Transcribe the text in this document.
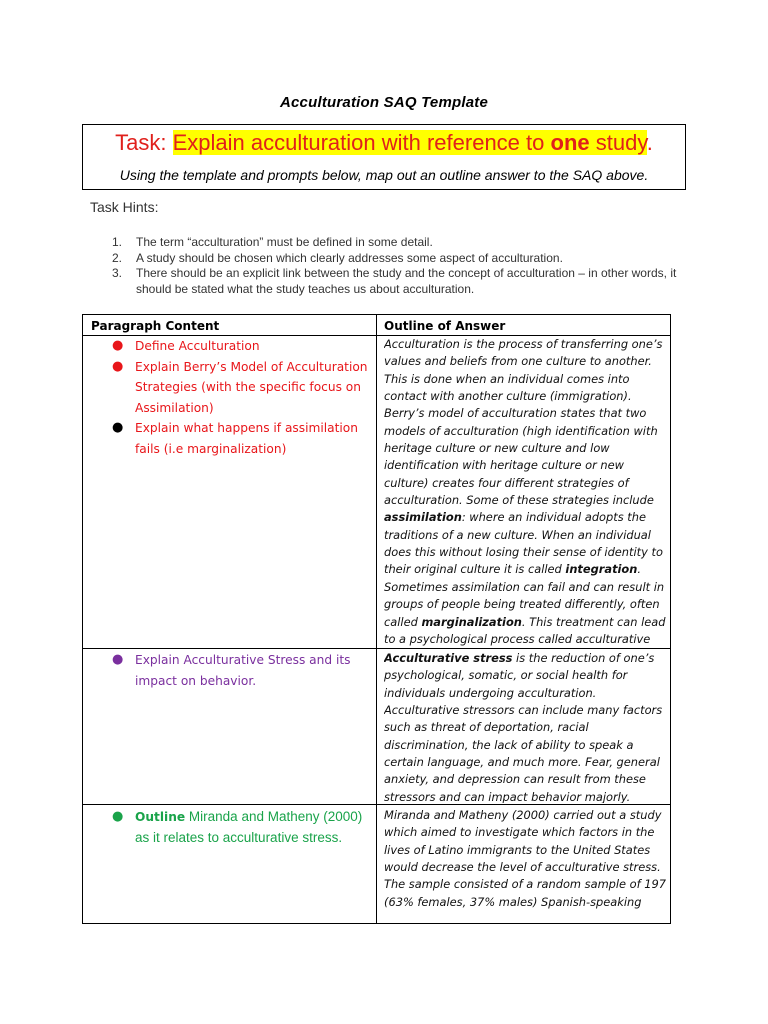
Acculturation SAQ Template
Task: Explain acculturation with reference to one study.
Using the template and prompts below, map out an outline answer to the SAQ above.
Task Hints:
1. The term “acculturation” must be defined in some detail.
2. A study should be chosen which clearly addresses some aspect of acculturation.
3. There should be an explicit link between the study and the concept of acculturation – in other words, it should be stated what the study teaches us about acculturation.
Paragraph Content	Outline of Answer
● Define Acculturation
● Explain Berry’s Model of Acculturation Strategies (with the specific focus on Assimilation)
● Explain what happens if assimilation fails (i.e marginalization)
Acculturation is the process of transferring one’s values and beliefs from one culture to another. This is done when an individual comes into contact with another culture (immigration). Berry’s model of acculturation states that two models of acculturation (high identification with heritage culture or new culture and low identification with heritage culture or new culture) creates four different strategies of acculturation. Some of these strategies include assimilation: where an individual adopts the traditions of a new culture. When an individual does this without losing their sense of identity to their original culture it is called integration. Sometimes assimilation can fail and can result in groups of people being treated differently, often called marginalization. This treatment can lead to a psychological process called acculturative
● Explain Acculturative Stress and its impact on behavior.
Acculturative stress is the reduction of one’s psychological, somatic, or social health for individuals undergoing acculturation. Acculturative stressors can include many factors such as threat of deportation, racial discrimination, the lack of ability to speak a certain language, and much more. Fear, general anxiety, and depression can result from these stressors and can impact behavior majorly.
● Outline Miranda and Matheny (2000) as it relates to acculturative stress.
Miranda and Matheny (2000) carried out a study which aimed to investigate which factors in the lives of Latino immigrants to the United States would decrease the level of acculturative stress. The sample consisted of a random sample of 197 (63% females, 37% males) Spanish-speaking
